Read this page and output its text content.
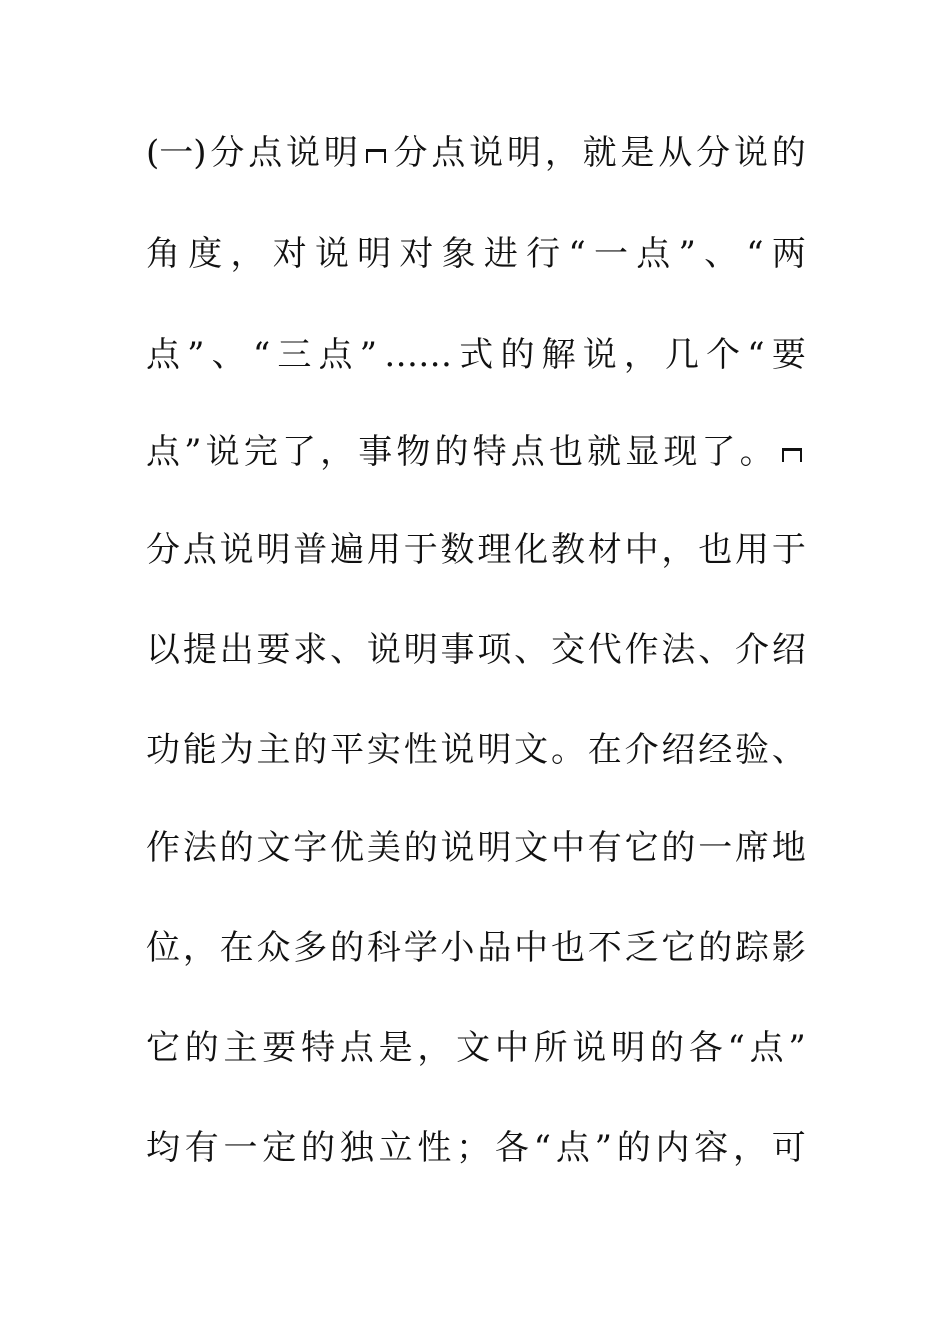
(一) 分 点 说 明 分 点 说 明 ， 就 是 从 分 说 的
角 度 ， 对 说 明 对 象 进 行 “ 一 点 ” 、 “ 两
点 ” 、 “ 三 点 ” …… 式 的 解 说 ， 几 个 “ 要
点 ” 说 完 了 ， 事 物 的 特 点 也 就 显 现 了 。
分 点 说 明 普 遍 用 于 数 理 化 教 材 中 ， 也 用 于
以 提 出 要 求 、 说 明 事 项 、 交 代 作 法 、 介 绍
功 能 为 主 的 平 实 性 说 明 文 。 在 介 绍 经 验 、
作 法 的 文 字 优 美 的 说 明 文 中 有 它 的 一 席 地
位 ， 在 众 多 的 科 学 小 品 中 也 不 乏 它 的 踪 影
它 的 主 要 特 点 是 ， 文 中 所 说 明 的 各 “ 点 ”
均 有 一 定 的 独 立 性 ； 各 “ 点 ” 的 内 容 ， 可
